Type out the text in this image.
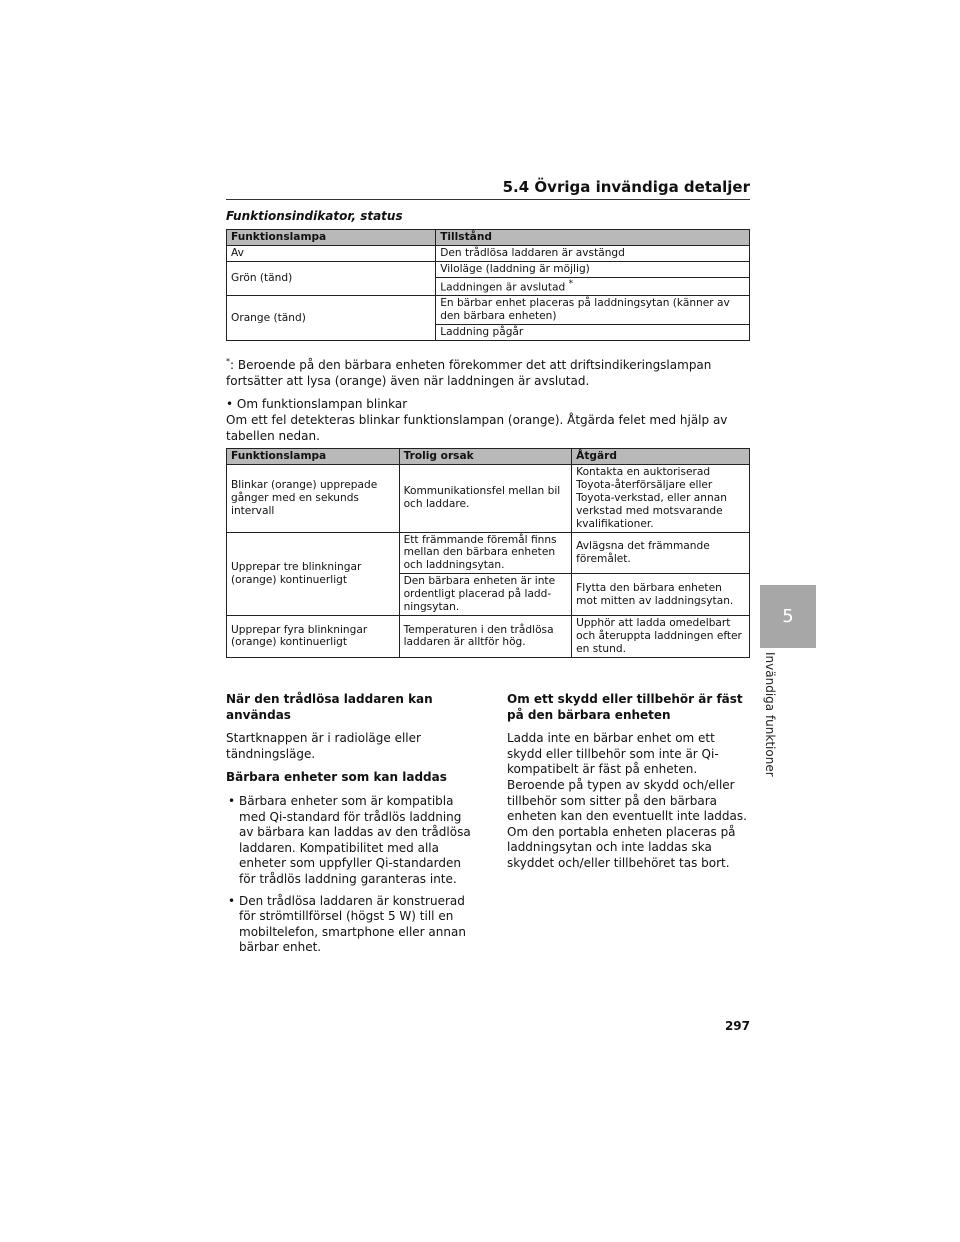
5.4 Övriga invändiga detaljer
Funktionsindikator, status
Funktionslampa	Tillstånd
Av	Den trådlösa laddaren är avstängd
Grön (tänd)	Viloläge (laddning är möjlig)
	Laddningen är avslutad *
Orange (tänd)	En bärbar enhet placeras på laddningsytan (känner av den bärbara enheten)
	Laddning pågår
*: Beroende på den bärbara enheten förekommer det att driftsindikeringslampan fortsätter att lysa (orange) även när laddningen är avslutad.
• Om funktionslampan blinkar
Om ett fel detekteras blinkar funktionslampan (orange). Åtgärda felet med hjälp av tabellen nedan.
Funktionslampa	Trolig orsak	Åtgärd
Blinkar (orange) upprepade gånger med en sekunds intervall	Kommunikationsfel mellan bil och laddare.	Kontakta en auktoriserad Toyota-återförsäljare eller Toyota-verkstad, eller annan verkstad med motsvarande kvalifikationer.
Upprepar tre blinkningar (orange) kontinuerligt	Ett främmande föremål finns mellan den bärbara enheten och laddningsytan.	Avlägsna det främmande föremålet.
	Den bärbara enheten är inte ordentligt placerad på ladd-ningsytan.	Flytta den bärbara enheten mot mitten av laddningsytan.
Upprepar fyra blinkningar (orange) kontinuerligt	Temperaturen i den trådlösa laddaren är alltför hög.	Upphör att ladda omedelbart och återuppta laddningen efter en stund.

När den trådlösa laddaren kan användas

Startknappen är i radioläge eller tändningsläge.

Bärbara enheter som kan laddas

• Bärbara enheter som är kompatibla med Qi-standard för trådlös laddning av bärbara kan laddas av den trådlösa laddaren. Kompatibilitet med alla enheter som uppfyller Qi-standarden för trådlös laddning garanteras inte.
• Den trådlösa laddaren är konstruerad för strömtillförsel (högst 5 W) till en mobiltelefon, smartphone eller annan bärbar enhet.

Om ett skydd eller tillbehör är fäst på den bärbara enheten

Ladda inte en bärbar enhet om ett skydd eller tillbehör som inte är Qi-kompatibelt är fäst på enheten. Beroende på typen av skydd och/eller tillbehör som sitter på den bärbara enheten kan den eventuellt inte laddas. Om den portabla enheten placeras på laddningsytan och inte laddas ska skyddet och/eller tillbehöret tas bort.

5
Invändiga funktioner
297
